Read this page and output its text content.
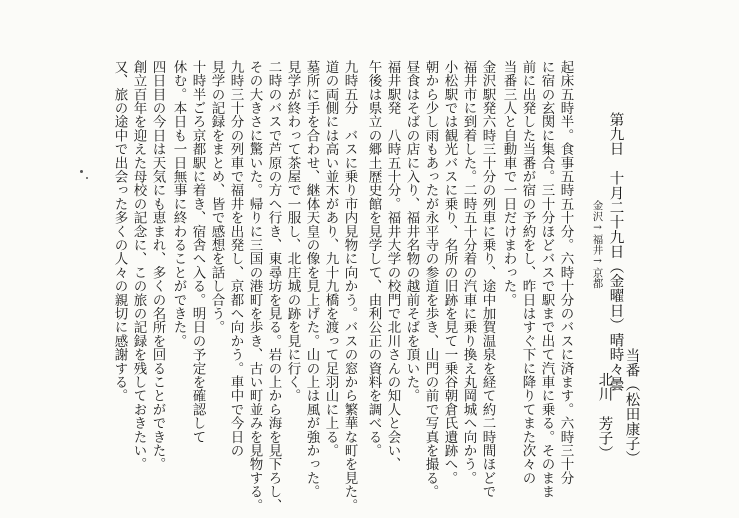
第九日　十月二十九日（金曜日）晴時々曇
金沢→福井→京都
当番（松田康子）
北川　芳子）
起床五時半。食事五時五十分。六時十分のバスに済ます。六時三十分
に宿の玄関に集合。三十分ほどバスで駅まで出て汽車に乗る。そのまま
前に出発した当番が宿の予約をし、昨日はすぐ下に降りてまた次々の
当番三人と自動車で一日だけまわった。
金沢駅発六時三十分の列車に乗り、途中加賀温泉を経て約二時間ほどで
福井市に到着した。二時五十分着の汽車に乗り換え丸岡城へ向かう。
小松駅では観光バスに乗り、名所の旧跡を見て一乗谷朝倉氏遺跡へ。
朝から少し雨もあったが永平寺の参道を歩き、山門の前で写真を撮る。
昼食はそばの店に入り、福井名物の越前そばを頂いた。
福井駅発　八時五十分。福井大学の校門で北川さんの知人と会い、
午後は県立の郷土歴史館を見学して、由利公正の資料を調べる。
九時五分　バスに乗り市内見物に向かう。バスの窓から繁華な町を見た。
道の両側には高い並木があり、九十九橋を渡って足羽山に上る。
墓所に手を合わせ、継体天皇の像を見上げた。山の上は風が強かった。
見学が終わって茶屋で一服し、北庄城の跡を見に行く。
二時のバスで芦原の方へ行き、東尋坊を見る。岩の上から海を見下ろし、
その大きさに驚いた。帰りに三国の港町を歩き、古い町並みを見物する。
九時三十分の列車で福井を出発し、京都へ向かう。車中で今日の
見学の記録をまとめ、皆で感想を話し合う。
十時半ごろ京都駅に着き、宿舎へ入る。明日の予定を確認して
休む。本日も一日無事に終わることができた。
四日目の今日は天気にも恵まれ、多くの名所を回ることができた。
創立百年を迎えた母校の記念に、この旅の記録を残しておきたい。
又、旅の途中で出会った多くの人々の親切に感謝する。
